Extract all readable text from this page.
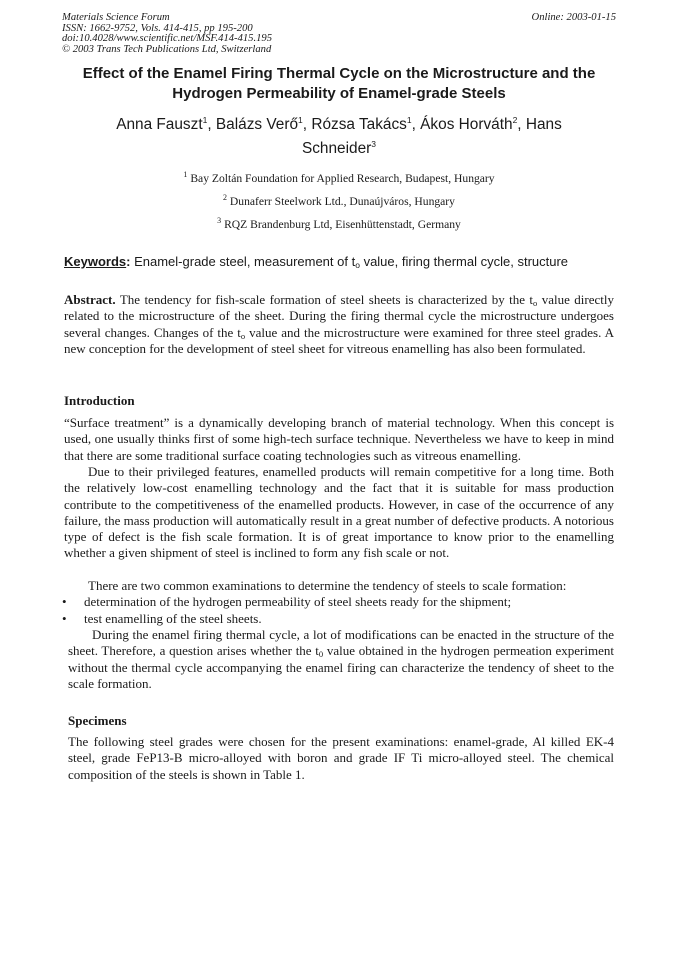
Materials Science Forum
ISSN: 1662-9752, Vols. 414-415, pp 195-200
doi:10.4028/www.scientific.net/MSF.414-415.195
© 2003 Trans Tech Publications Ltd, Switzerland
Online: 2003-01-15
Effect of the Enamel Firing Thermal Cycle on the Microstructure and the
Hydrogen Permeability of Enamel-grade Steels
Anna Fauszt$^1$, Balázs Verő$^1$, Rózsa Takács$^1$, Ákos Horváth$^2$, Hans Schneider$^3$
$^1$ Bay Zoltán Foundation for Applied Research, Budapest, Hungary
$^2$ Dunaferr Steelwork Ltd., Dunaújváros, Hungary
$^3$ RQZ Brandenburg Ltd, Eisenhüttenstadt, Germany
Keywords: Enamel-grade steel, measurement of $t_o$ value, firing thermal cycle, structure
Abstract. The tendency for fish-scale formation of steel sheets is characterized by the $t_o$ value directly related to the microstructure of the sheet. During the firing thermal cycle the microstructure undergoes several changes. Changes of the $t_o$ value and the microstructure were examined for three steel grades. A new conception for the development of steel sheet for vitreous enamelling has also been formulated.
Introduction
“Surface treatment” is a dynamically developing branch of material technology. When this concept is used, one usually thinks first of some high-tech surface technique. Nevertheless we have to keep in mind that there are some traditional surface coating technologies such as vitreous enamelling.
Due to their privileged features, enamelled products will remain competitive for a long time. Both the relatively low-cost enamelling technology and the fact that it is suitable for mass production contribute to the competitiveness of the enamelled products. However, in case of the occurrence of any failure, the mass production will automatically result in a great number of defective products. A notorious type of defect is the fish scale formation. It is of great importance to know prior to the enamelling whether a given shipment of steel is inclined to form any fish scale or not.
There are two common examinations to determine the tendency of steels to scale formation:
• determination of the hydrogen permeability of steel sheets ready for the shipment;
• test enamelling of the steel sheets.
During the enamel firing thermal cycle, a lot of modifications can be enacted in the structure of the sheet. Therefore, a question arises whether the $t_0$ value obtained in the hydrogen permeation experiment without the thermal cycle accompanying the enamel firing can characterize the tendency of sheet to the scale formation.
Specimens
The following steel grades were chosen for the present examinations: enamel-grade, Al killed EK-4 steel, grade FeP13-B micro-alloyed with boron and grade IF Ti micro-alloyed steel. The chemical composition of the steels is shown in Table 1.
